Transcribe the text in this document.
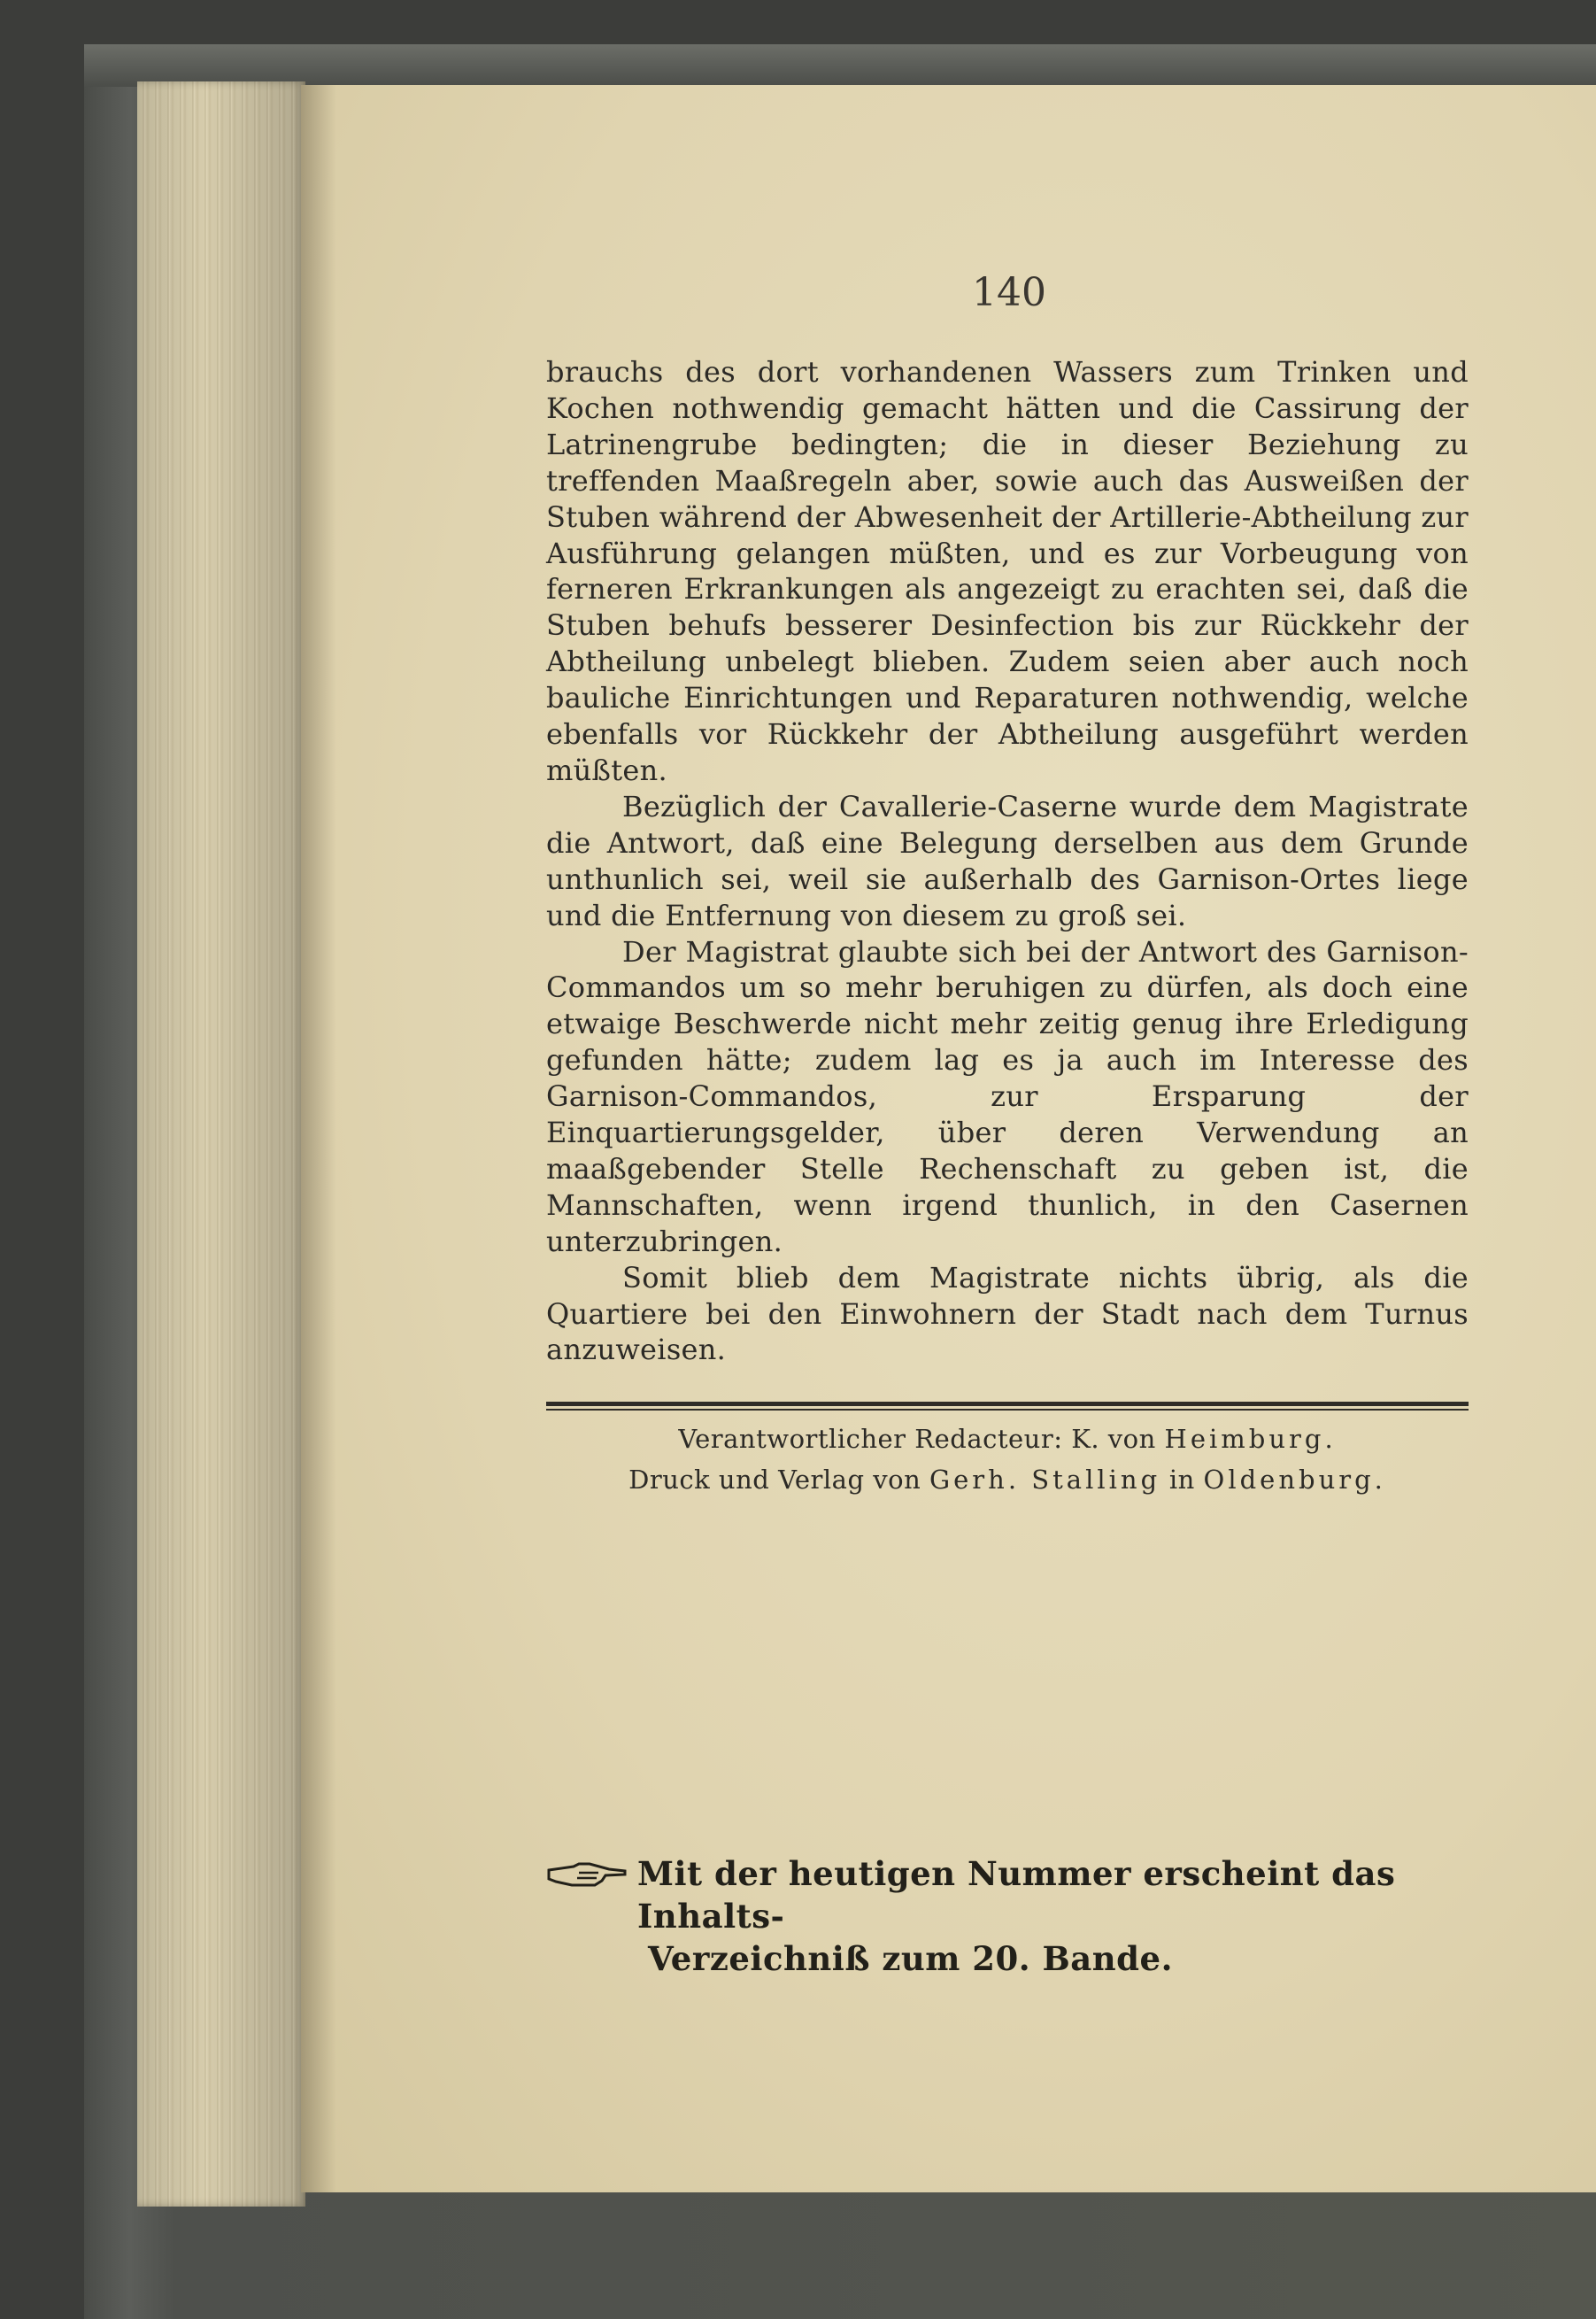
140

brauchs des dort vorhandenen Wassers zum Trinken und Kochen nothwendig gemacht hätten und die Cassirung der Latrinengrube bedingten; die in dieser Beziehung zu treffenden Maaßregeln aber, sowie auch das Ausweißen der Stuben während der Abwesenheit der Artillerie-Abtheilung zur Ausführung gelangen müßten, und es zur Vorbeugung von ferneren Erkrankungen als angezeigt zu erachten sei, daß die Stuben behufs besserer Desinfection bis zur Rückkehr der Abtheilung unbelegt blieben. Zudem seien aber auch noch bauliche Einrichtungen und Reparaturen nothwendig, welche ebenfalls vor Rückkehr der Abtheilung ausgeführt werden müßten.

Bezüglich der Cavallerie-Caserne wurde dem Magistrate die Antwort, daß eine Belegung derselben aus dem Grunde unthunlich sei, weil sie außerhalb des Garnison-Ortes liege und die Entfernung von diesem zu groß sei.

Der Magistrat glaubte sich bei der Antwort des Garnison-Commandos um so mehr beruhigen zu dürfen, als doch eine etwaige Beschwerde nicht mehr zeitig genug ihre Erledigung gefunden hätte; zudem lag es ja auch im Interesse des Garnison-Commandos, zur Ersparung der Einquartierungsgelder, über deren Verwendung an maaßgebender Stelle Rechenschaft zu geben ist, die Mannschaften, wenn irgend thunlich, in den Casernen unterzubringen.

Somit blieb dem Magistrate nichts übrig, als die Quartiere bei den Einwohnern der Stadt nach dem Turnus anzuweisen.

Verantwortlicher Redacteur: K. von Heimburg.
Druck und Verlag von Gerh. Stalling in Oldenburg.
Mit der heutigen Nummer erscheint das Inhalts-
Verzeichniß zum 20. Bande.
